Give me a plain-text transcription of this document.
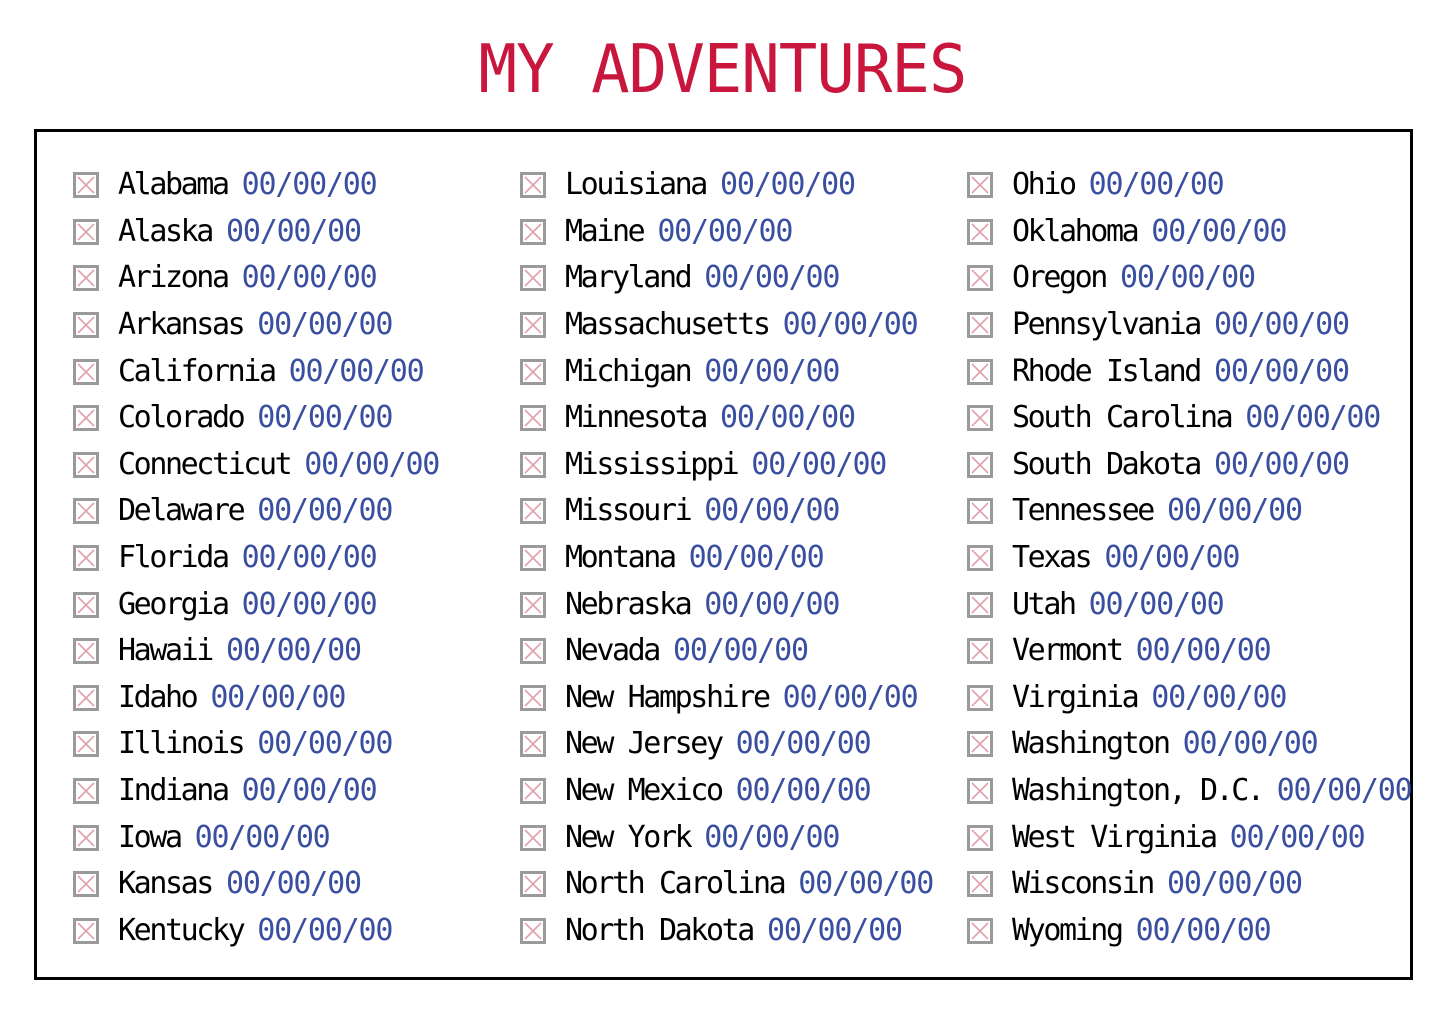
MY ADVENTURES
Alabama 00/00/00
Alaska 00/00/00
Arizona 00/00/00
Arkansas 00/00/00
California 00/00/00
Colorado 00/00/00
Connecticut 00/00/00
Delaware 00/00/00
Florida 00/00/00
Georgia 00/00/00
Hawaii 00/00/00
Idaho 00/00/00
Illinois 00/00/00
Indiana 00/00/00
Iowa 00/00/00
Kansas 00/00/00
Kentucky 00/00/00
Louisiana 00/00/00
Maine 00/00/00
Maryland 00/00/00
Massachusetts 00/00/00
Michigan 00/00/00
Minnesota 00/00/00
Mississippi 00/00/00
Missouri 00/00/00
Montana 00/00/00
Nebraska 00/00/00
Nevada 00/00/00
New Hampshire 00/00/00
New Jersey 00/00/00
New Mexico 00/00/00
New York 00/00/00
North Carolina 00/00/00
North Dakota 00/00/00
Ohio 00/00/00
Oklahoma 00/00/00
Oregon 00/00/00
Pennsylvania 00/00/00
Rhode Island 00/00/00
South Carolina 00/00/00
South Dakota 00/00/00
Tennessee 00/00/00
Texas 00/00/00
Utah 00/00/00
Vermont 00/00/00
Virginia 00/00/00
Washington 00/00/00
Washington, D.C. 00/00/00
West Virginia 00/00/00
Wisconsin 00/00/00
Wyoming 00/00/00
